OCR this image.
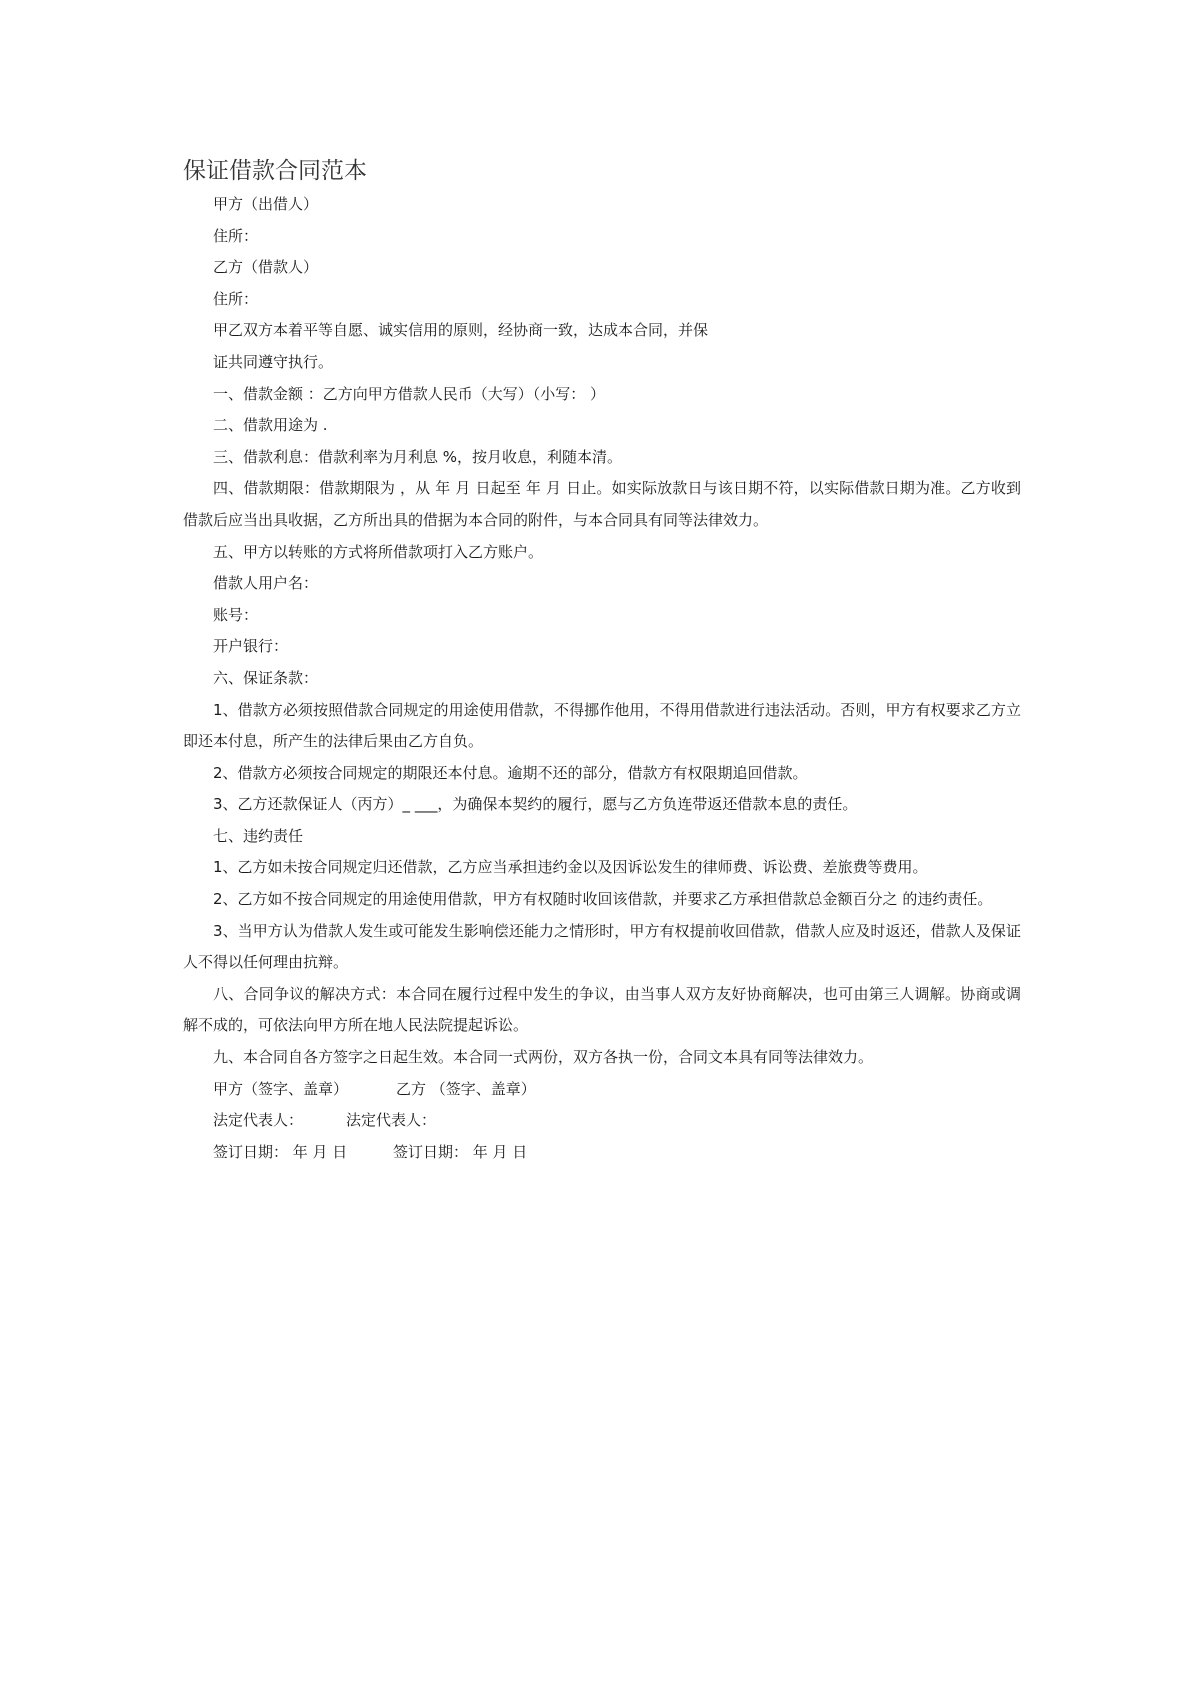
保证借款合同范本
甲方（出借人）
住所：
乙方（借款人）
住所：
甲乙双方本着平等自愿、诚实信用的原则，经协商一致，达成本合同，并保
证共同遵守执行。
一、借款金额 ：乙方向甲方借款人民币（大写）（小写： ）
二、借款用途为 .
三、借款利息：借款利率为月利息 %，按月收息，利随本清。

四、借款期限：借款期限为 ，从 年 月 日起至 年 月 日止。如实际放款日与该日期不符，以实际借款日期为准。乙方收到借款后应当出具收据，乙方所出具的借据为本合同的附件，与本合同具有同等法律效力。

五、甲方以转账的方式将所借款项打入乙方账户。
借款人用户名：
账号：
开户银行：
六、保证条款：

1、借款方必须按照借款合同规定的用途使用借款，不得挪作他用，不得用借款进行违法活动。否则，甲方有权要求乙方立即还本付息，所产生的法律后果由乙方自负。

2、借款方必须按合同规定的期限还本付息。逾期不还的部分，借款方有权限期追回借款。
3、乙方还款保证人（丙方）_ ___，为确保本契约的履行，愿与乙方负连带返还借款本息的责任。
七、违约责任
1、乙方如未按合同规定归还借款，乙方应当承担违约金以及因诉讼发生的律师费、诉讼费、差旅费等费用。

2、乙方如不按合同规定的用途使用借款，甲方有权随时收回该借款，并要求乙方承担借款总金额百分之 的违约责任。

3、当甲方认为借款人发生或可能发生影响偿还能力之情形时，甲方有权提前收回借款，借款人应及时返还，借款人及保证人不得以任何理由抗辩。

八、合同争议的解决方式：本合同在履行过程中发生的争议，由当事人双方友好协商解决，也可由第三人调解。协商或调解不成的，可依法向甲方所在地人民法院提起诉讼。

九、本合同自各方签字之日起生效。本合同一式两份，双方各执一份，合同文本具有同等法律效力。
甲方（签字、盖章）	乙方 （签字、盖章）
法定代表人：	法定代表人：
签订日期： 年 月 日	签订日期： 年 月 日
